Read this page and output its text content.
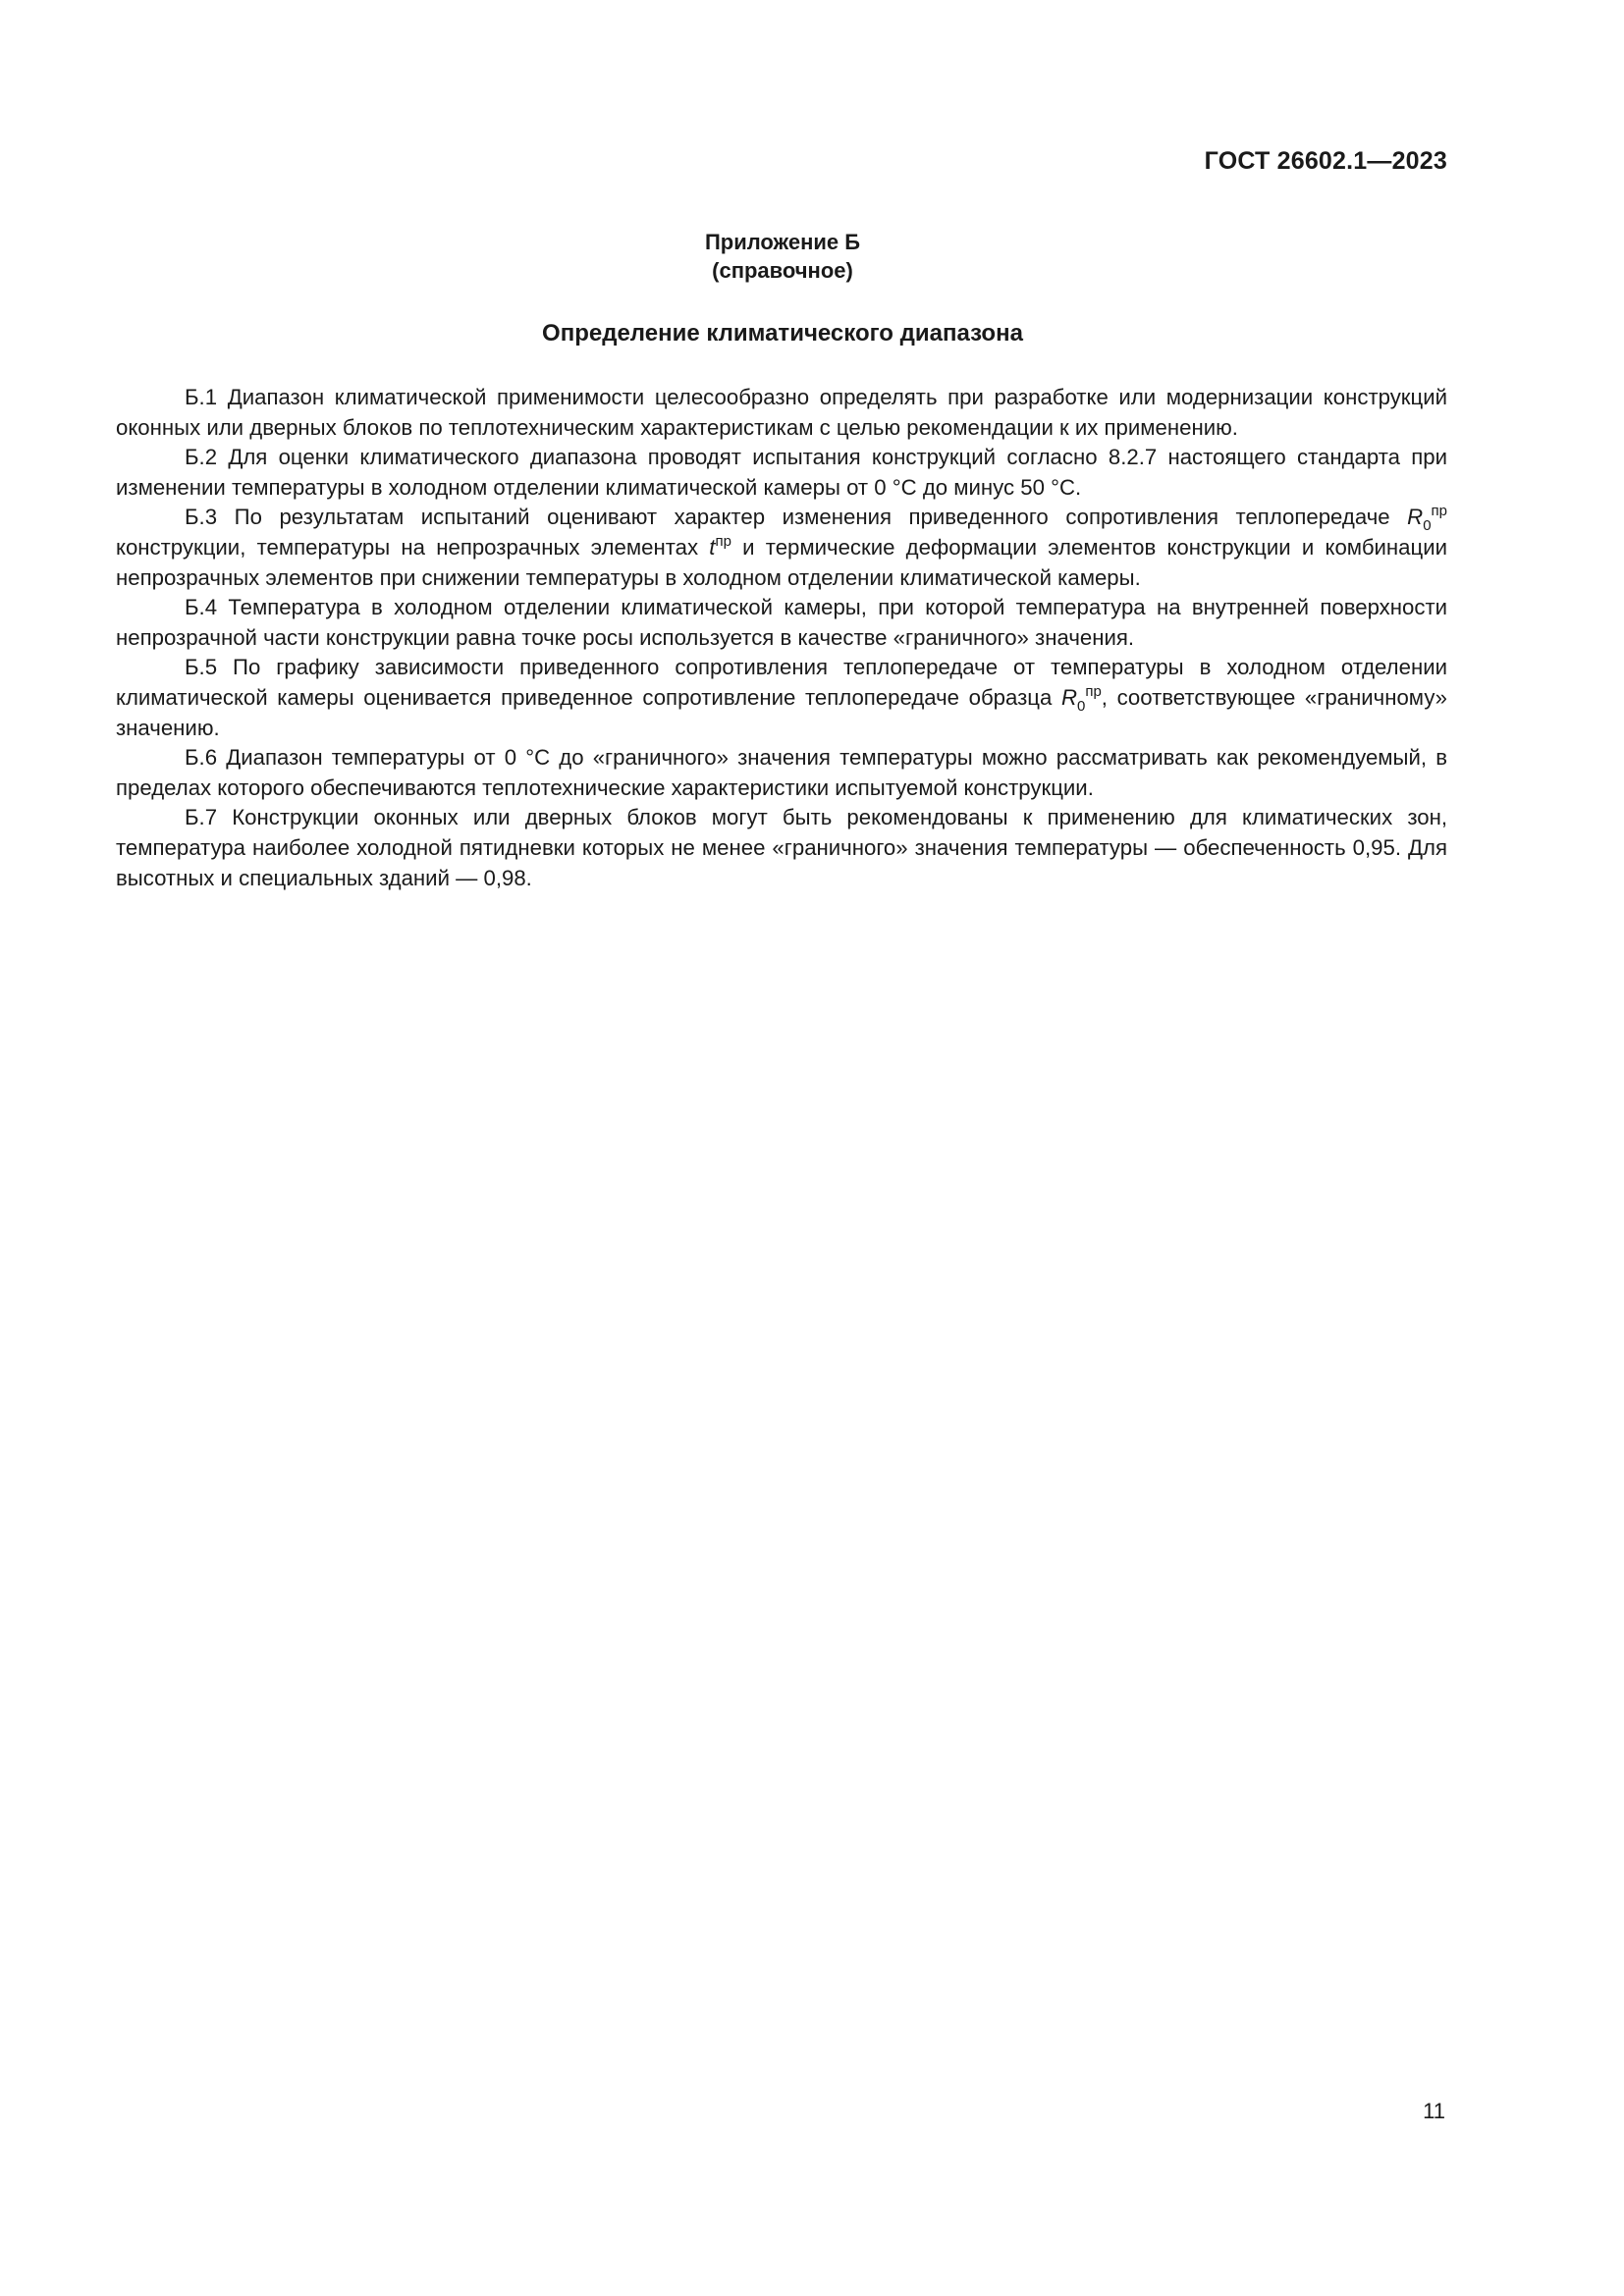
ГОСТ 26602.1—2023
Приложение Б
(справочное)
Определение климатического диапазона

Б.1 Диапазон климатической применимости целесообразно определять при разработке или модернизации конструкций оконных или дверных блоков по теплотехническим характеристикам с целью рекомендации к их применению.

Б.2 Для оценки климатического диапазона проводят испытания конструкций согласно 8.2.7 настоящего стандарта при изменении температуры в холодном отделении климатической камеры от 0 °С до минус 50 °С.

Б.3 По результатам испытаний оценивают характер изменения приведенного сопротивления теплопередаче $R_0^{пр}$ конструкции, температуры на непрозрачных элементах $t^{пр}$ и термические деформации элементов конструкции и комбинации непрозрачных элементов при снижении температуры в холодном отделении климатической камеры.

Б.4 Температура в холодном отделении климатической камеры, при которой температура на внутренней поверхности непрозрачной части конструкции равна точке росы используется в качестве «граничного» значения.

Б.5 По графику зависимости приведенного сопротивления теплопередаче от температуры в холодном отделении климатической камеры оценивается приведенное сопротивление теплопередаче образца $R_0^{пр}$, соответствующее «граничному» значению.

Б.6 Диапазон температуры от 0 °С до «граничного» значения температуры можно рассматривать как рекомендуемый, в пределах которого обеспечиваются теплотехнические характеристики испытуемой конструкции.

Б.7 Конструкции оконных или дверных блоков могут быть рекомендованы к применению для климатических зон, температура наиболее холодной пятидневки которых не менее «граничного» значения температуры — обеспеченность 0,95. Для высотных и специальных зданий — 0,98.

11
